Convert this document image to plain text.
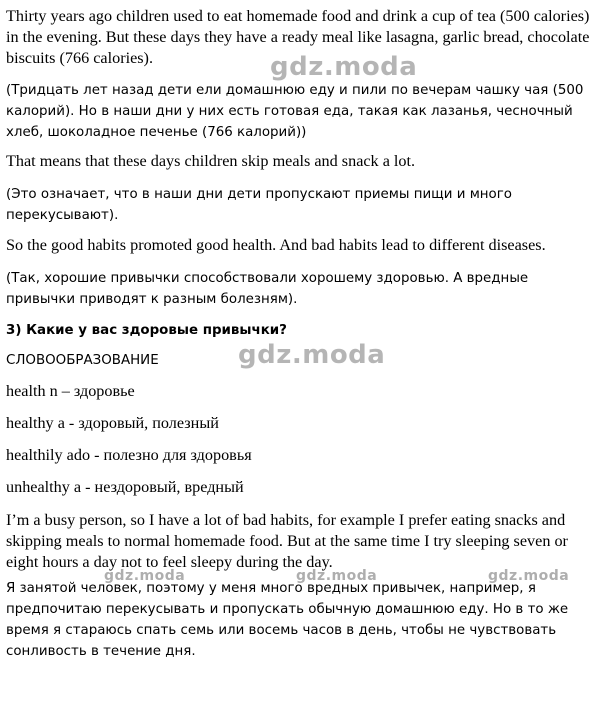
Thirty years ago children used to eat homemade food and drink a cup of tea (500 calories) in the evening. But these days they have a ready meal like lasagna, garlic bread, chocolate biscuits (766 calories).

(Тридцать лет назад дети ели домашнюю еду и пили по вечерам чашку чая (500 калорий). Но в наши дни у них есть готовая еда, такая как лазанья, чесночный хлеб, шоколадное печенье (766 калорий))

That means that these days children skip meals and snack a lot.

(Это означает, что в наши дни дети пропускают приемы пищи и много перекусывают).

So the good habits promoted good health. And bad habits lead to different diseases.

(Так, хорошие привычки способствовали хорошему здоровью. А вредные привычки приводят к разным болезням).

3) Какие у вас здоровые привычки?

СЛОВООБРАЗОВАНИЕ

health n – здоровье

healthy a - здоровый, полезный

healthily ado - полезно для здоровья

unhealthy a - нездоровый, вредный

I’m a busy person, so I have a lot of bad habits, for example I prefer eating snacks and skipping meals to normal homemade food. But at the same time I try sleeping seven or eight hours a day not to feel sleepy during the day.

Я занятой человек, поэтому у меня много вредных привычек, например, я предпочитаю перекусывать и пропускать обычную домашнюю еду. Но в то же время я стараюсь спать семь или восемь часов в день, чтобы не чувствовать сонливость в течение дня.

gdz.moda
gdz.moda
gdz.moda	gdz.moda	gdz.moda
